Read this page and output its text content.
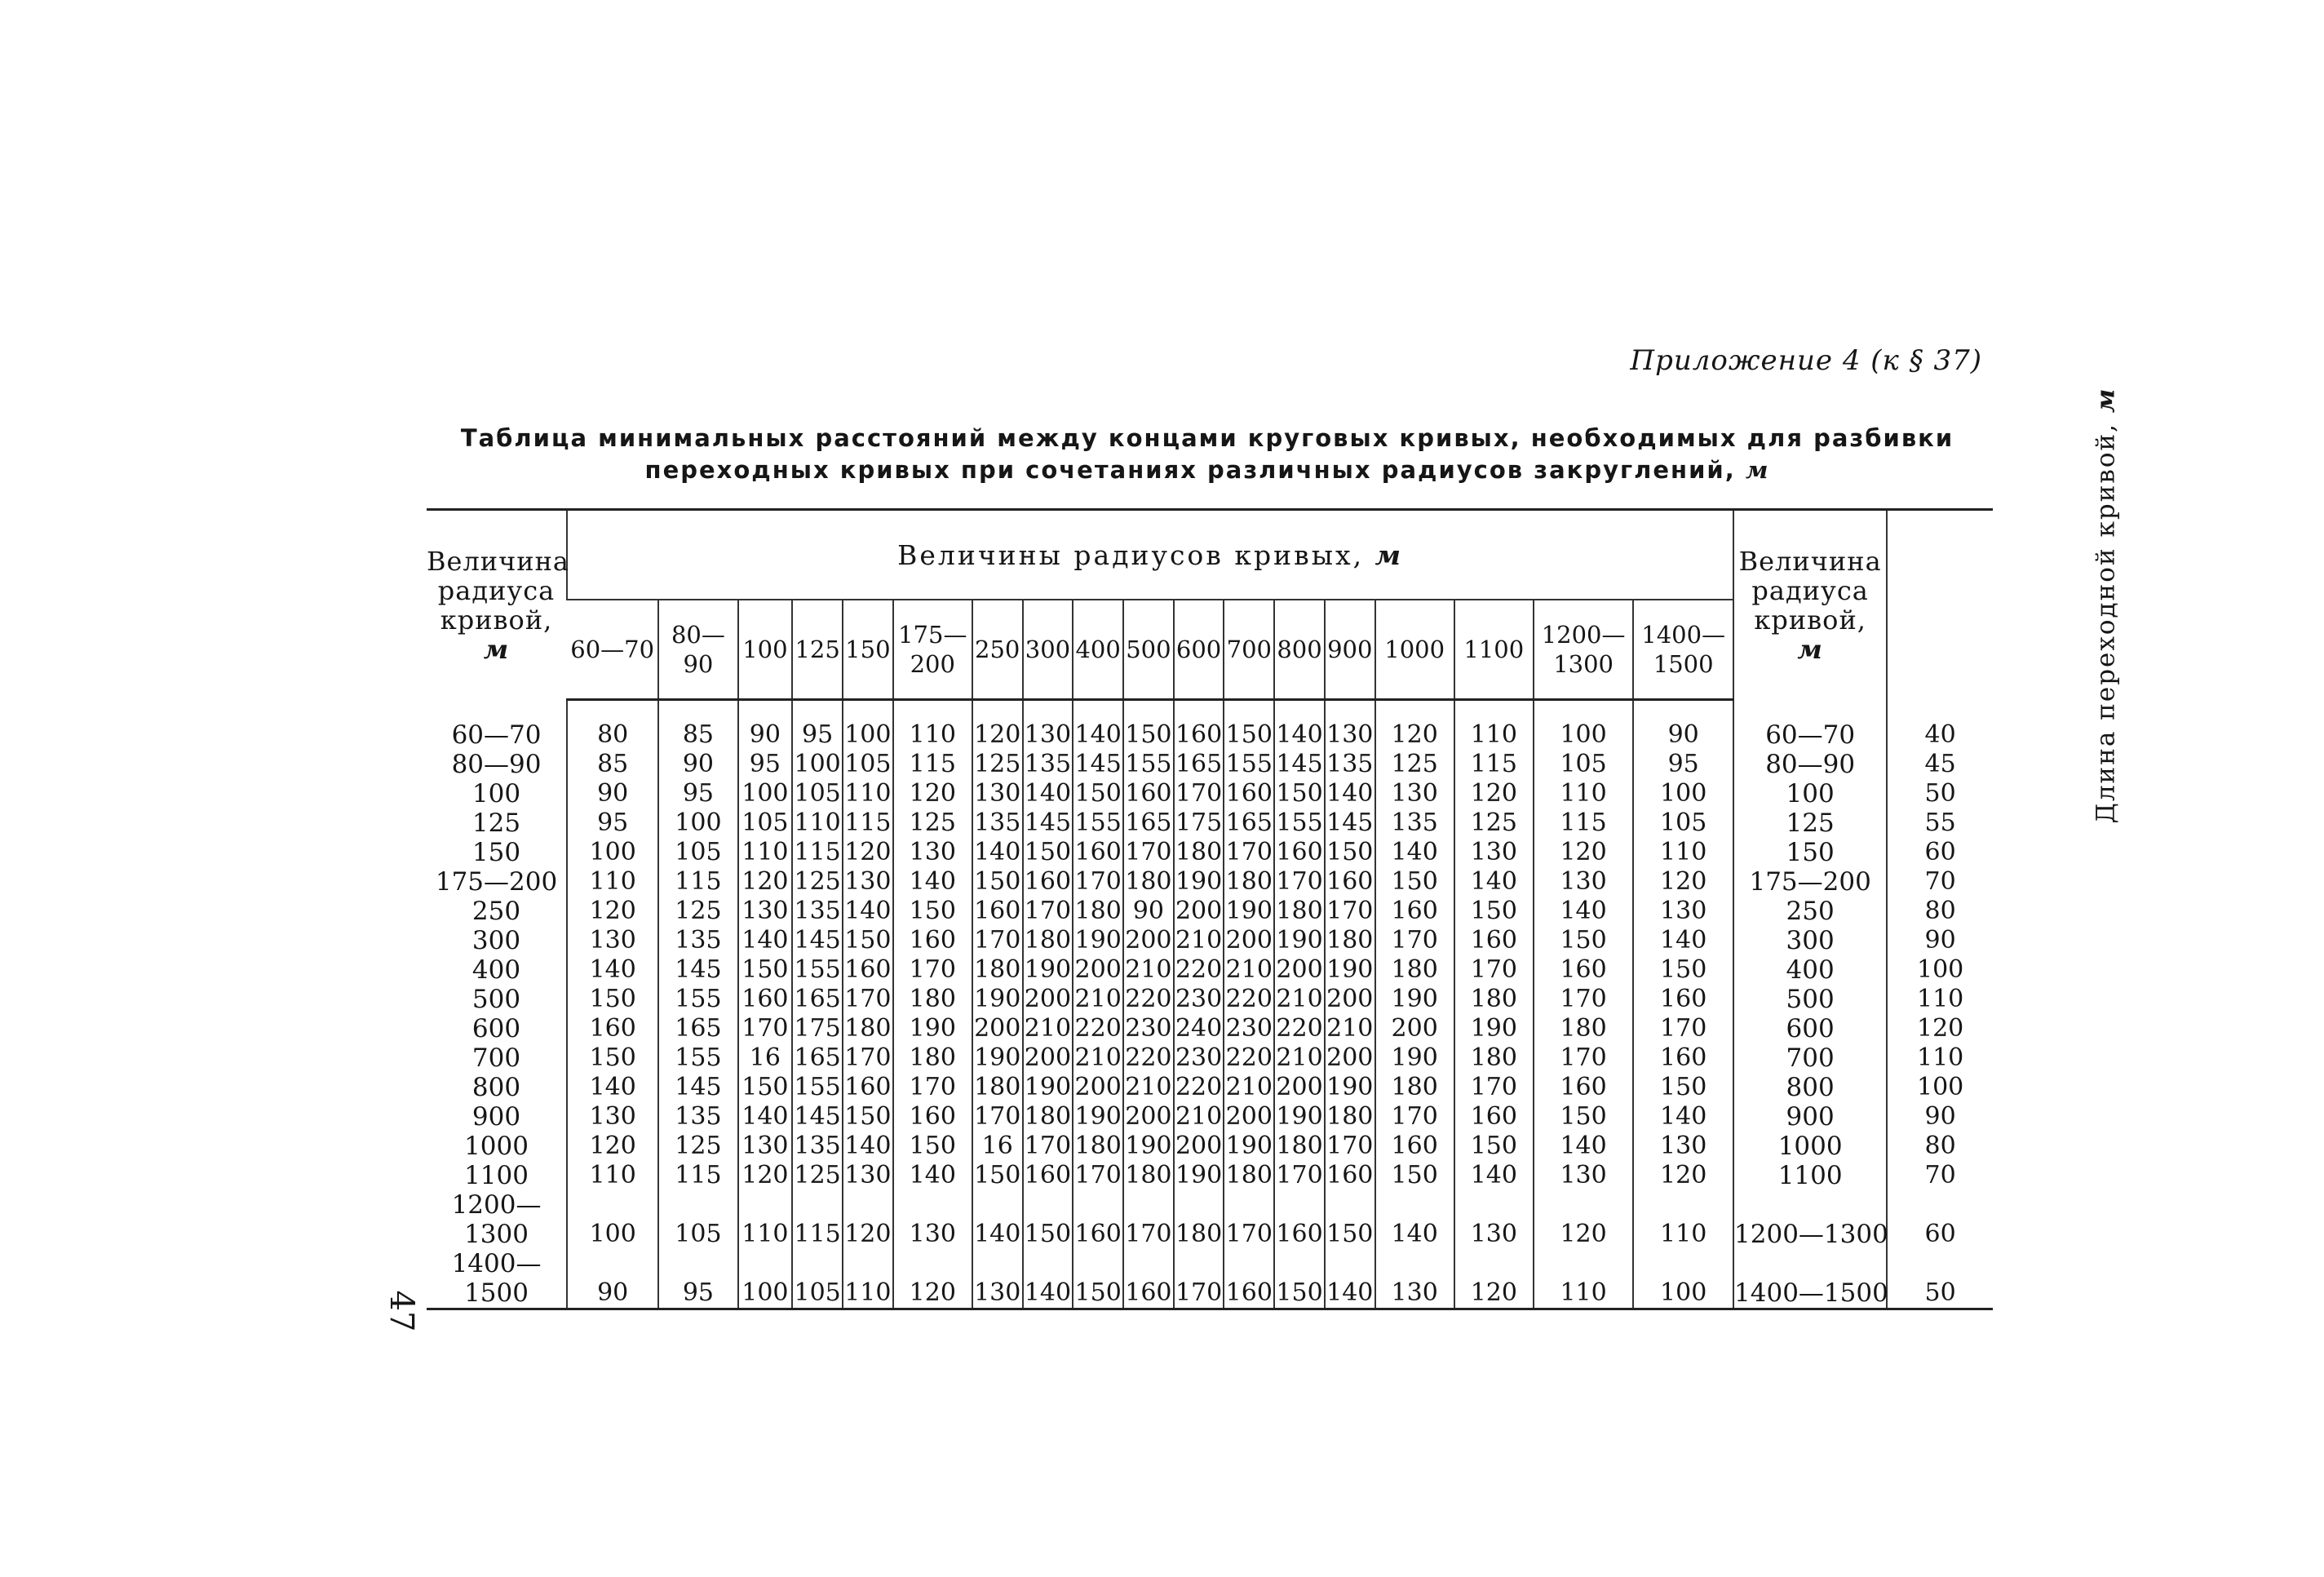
Приложение 4 (к § 37)
Таблица минимальных расстояний между концами круговых кривых, необходимых для разбивки
переходных кривых при сочетаниях различных радиусов закруглений, м
47
Величина
радиуса
кривой,
м	Величины радиусов кривых, м																		Величина
радиуса
кривой,
м	Длина переходной кривой, м
	60—70	80—
90	100	125	150	175—
200	250	300	400	500	600	700	800	900	1000	1100	1200—
1300	1400—
1500		

60—70	80	85	90	95	100	110	120	130	140	150	160	150	140	130	120	110	100	90	60—70	40
80—90	85	90	95	100	105	115	125	135	145	155	165	155	145	135	125	115	105	95	80—90	45
100	90	95	100	105	110	120	130	140	150	160	170	160	150	140	130	120	110	100	100	50
125	95	100	105	110	115	125	135	145	155	165	175	165	155	145	135	125	115	105	125	55
150	100	105	110	115	120	130	140	150	160	170	180	170	160	150	140	130	120	110	150	60
175—200	110	115	120	125	130	140	150	160	170	180	190	180	170	160	150	140	130	120	175—200	70
250	120	125	130	135	140	150	160	170	180	90	200	190	180	170	160	150	140	130	250	80
300	130	135	140	145	150	160	170	180	190	200	210	200	190	180	170	160	150	140	300	90
400	140	145	150	155	160	170	180	190	200	210	220	210	200	190	180	170	160	150	400	100
500	150	155	160	165	170	180	190	200	210	220	230	220	210	200	190	180	170	160	500	110
600	160	165	170	175	180	190	200	210	220	230	240	230	220	210	200	190	180	170	600	120
700	150	155	16	165	170	180	190	200	210	220	230	220	210	200	190	180	170	160	700	110
800	140	145	150	155	160	170	180	190	200	210	220	210	200	190	180	170	160	150	800	100
900	130	135	140	145	150	160	170	180	190	200	210	200	190	180	170	160	150	140	900	90
1000	120	125	130	135	140	150	16	170	180	190	200	190	180	170	160	150	140	130	1000	80
1100	110	115	120	125	130	140	150	160	170	180	190	180	170	160	150	140	130	120	1100	70

1200—
1300	100	105	110	115	120	130	140	150	160	170	180	170	160	150	140	130	120	110	1200—1300	60

1400—
1500	90	95	100	105	110	120	130	140	150	160	170	160	150	140	130	120	110	100	1400—1500	50
